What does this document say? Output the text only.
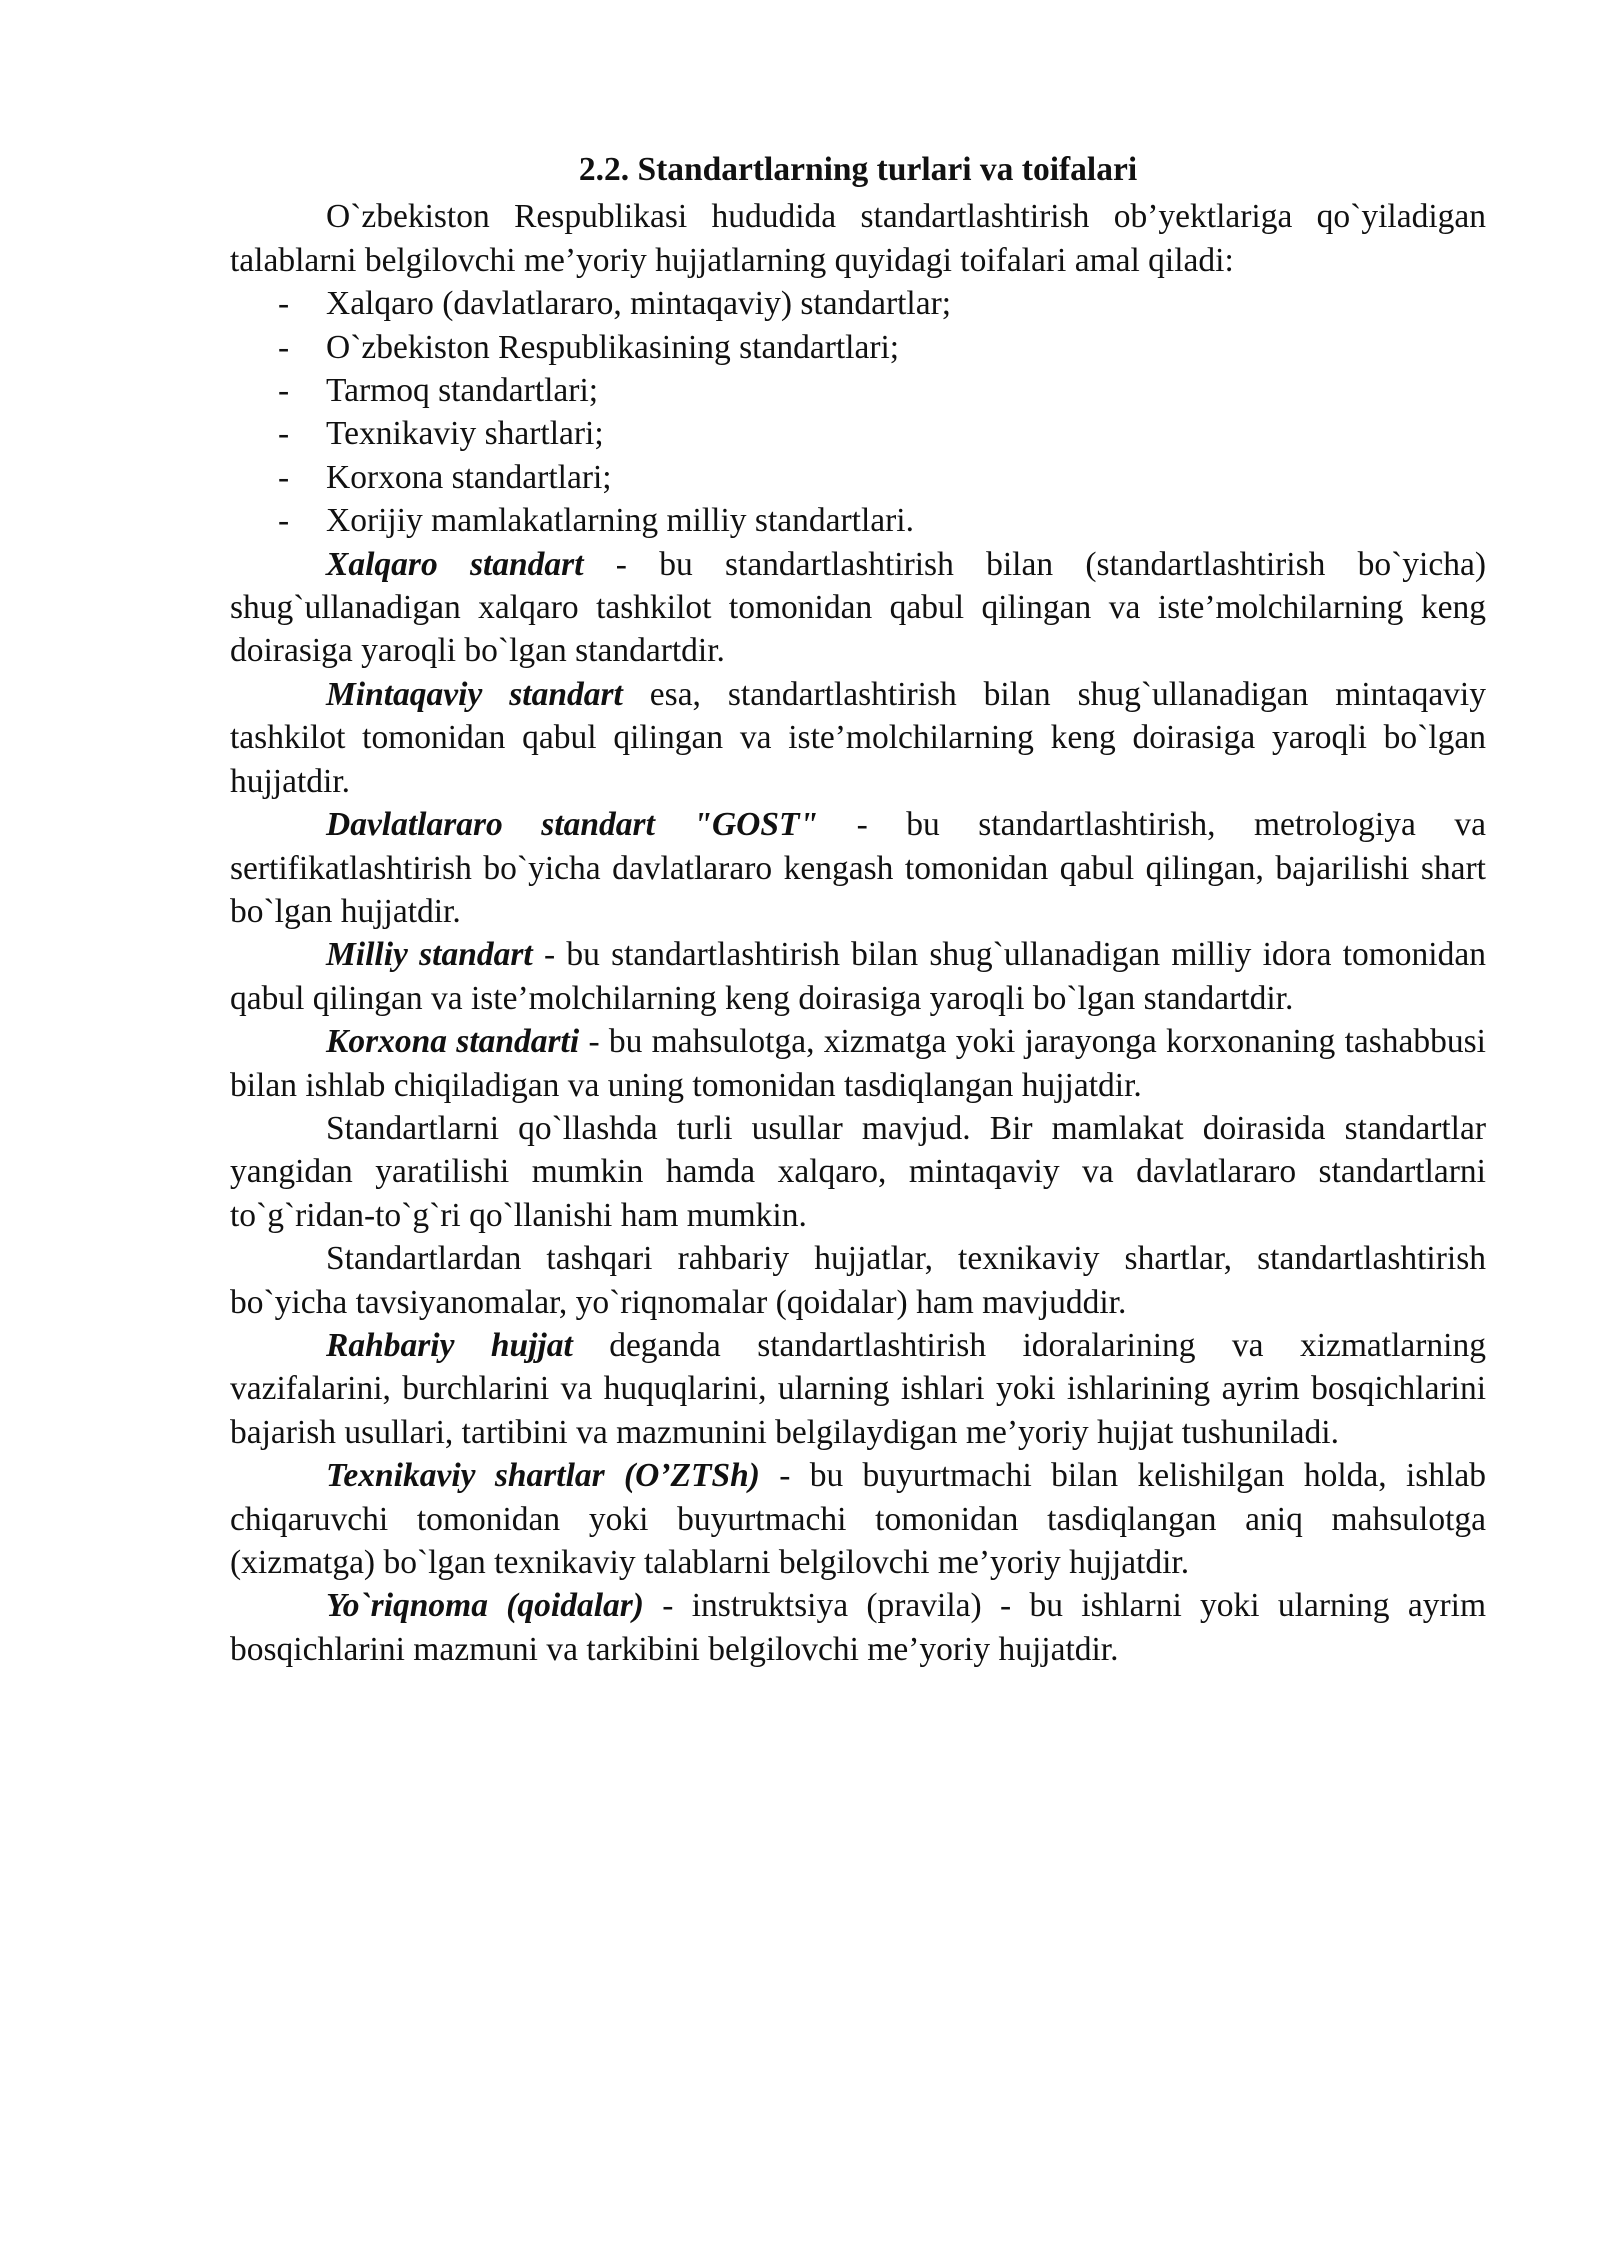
2.2. Standartlarning turlari va toifalari

O`zbekiston Respublikasi hududida standartlashtirish ob’yektlariga qo`yiladigan talablarni belgilovchi me’yoriy hujjatlarning quyidagi toifalari amal qiladi:

- Xalqaro (davlatlararo, mintaqaviy) standartlar;
- O`zbekiston Respublikasining standartlari;
- Tarmoq standartlari;
- Texnikaviy shartlari;
- Korxona standartlari;
- Xorijiy mamlakatlarning milliy standartlari.

Xalqaro standart - bu standartlashtirish bilan (standartlashtirish bo`yicha) shug`ullanadigan xalqaro tashkilot tomonidan qabul qilingan va iste’molchilarning keng doirasiga yaroqli bo`lgan standartdir.

Mintaqaviy standart esa, standartlashtirish bilan shug`ullanadigan mintaqaviy tashkilot tomonidan qabul qilingan va iste’molchilarning keng doirasiga yaroqli bo`lgan hujjatdir.

Davlatlararo standart "GOST" - bu standartlashtirish, metrologiya va sertifikatlashtirish bo`yicha davlatlararo kengash tomonidan qabul qilingan, bajarilishi shart bo`lgan hujjatdir.

Milliy standart - bu standartlashtirish bilan shug`ullanadigan milliy idora tomonidan qabul qilingan va iste’molchilarning keng doirasiga yaroqli bo`lgan standartdir.

Korxona standarti - bu mahsulotga, xizmatga yoki jarayonga korxonaning tashabbusi bilan ishlab chiqiladigan va uning tomonidan tasdiqlangan hujjatdir.

Standartlarni qo`llashda turli usullar mavjud. Bir mamlakat doirasida standartlar yangidan yaratilishi mumkin hamda xalqaro, mintaqaviy va davlatlararo standartlarni to`g`ridan-to`g`ri qo`llanishi ham mumkin.

Standartlardan tashqari rahbariy hujjatlar, texnikaviy shartlar, standartlashtirish bo`yicha tavsiyanomalar, yo`riqnomalar (qoidalar) ham mavjuddir.

Rahbariy hujjat deganda standartlashtirish idoralarining va xizmatlarning vazifalarini, burchlarini va huquqlarini, ularning ishlari yoki ishlarining ayrim bosqichlarini bajarish usullari, tartibini va mazmunini belgilaydigan me’yoriy hujjat tushuniladi.

Texnikaviy shartlar (O’ZTSh) - bu buyurtmachi bilan kelishilgan holda, ishlab chiqaruvchi tomonidan yoki buyurtmachi tomonidan tasdiqlangan aniq mahsulotga (xizmatga) bo`lgan texnikaviy talablarni belgilovchi me’yoriy hujjatdir.

Yo`riqnoma (qoidalar) - instruktsiya (pravila) - bu ishlarni yoki ularning ayrim bosqichlarini mazmuni va tarkibini belgilovchi me’yoriy hujjatdir.
